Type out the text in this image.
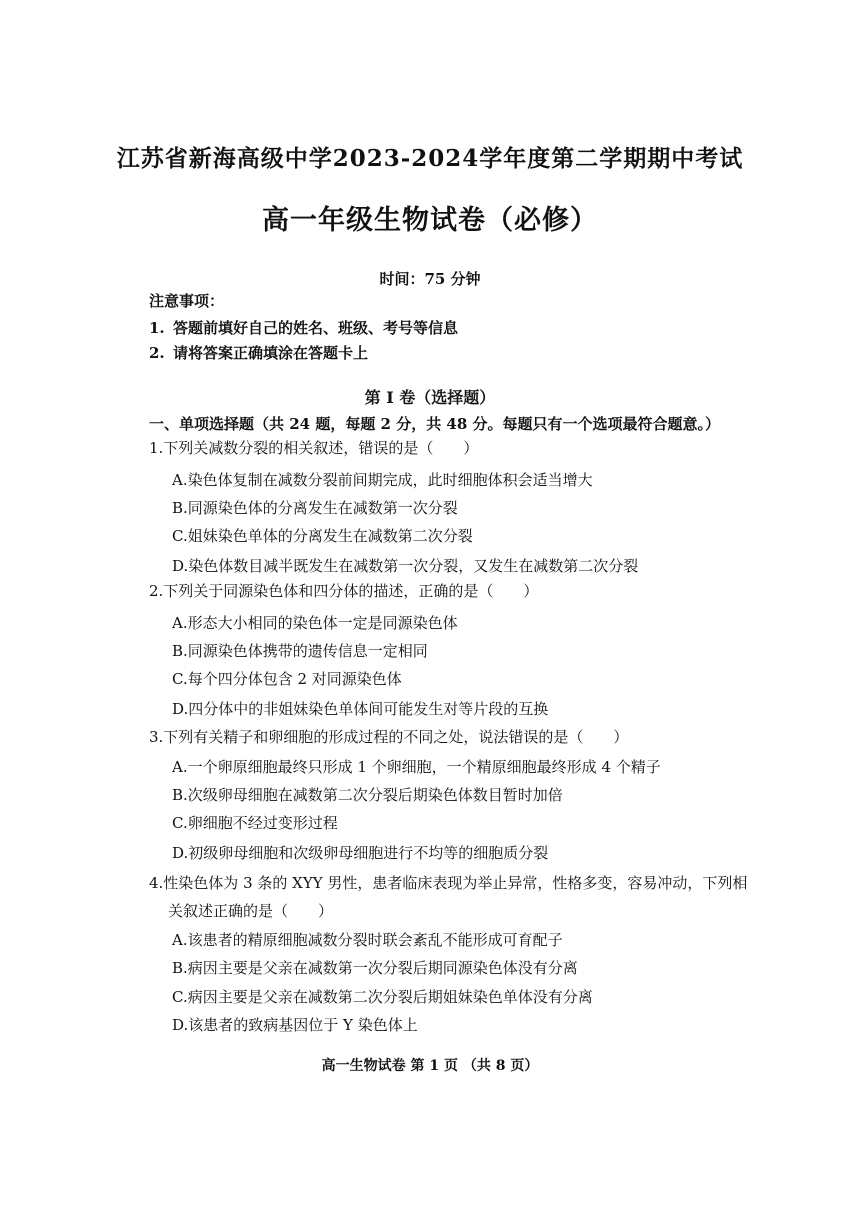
江苏省新海高级中学2023-2024学年度第二学期期中考试
高一年级生物试卷（必修）
时间：75 分钟
注意事项：
1. 答题前填好自己的姓名、班级、考号等信息
2. 请将答案正确填涂在答题卡上
第 I 卷（选择题）
一、单项选择题（共 24 题，每题 2 分，共 48 分。每题只有一个选项最符合题意。）
1.下列关减数分裂的相关叙述，错误的是（　　）
A.染色体复制在减数分裂前间期完成，此时细胞体积会适当增大
B.同源染色体的分离发生在减数第一次分裂
C.姐妹染色单体的分离发生在减数第二次分裂
D.染色体数目减半既发生在减数第一次分裂，又发生在减数第二次分裂
2.下列关于同源染色体和四分体的描述，正确的是（　　）
A.形态大小相同的染色体一定是同源染色体
B.同源染色体携带的遗传信息一定相同
C.每个四分体包含 2 对同源染色体
D.四分体中的非姐妹染色单体间可能发生对等片段的互换
3.下列有关精子和卵细胞的形成过程的不同之处，说法错误的是（　　）
A.一个卵原细胞最终只形成 1 个卵细胞，一个精原细胞最终形成 4 个精子
B.次级卵母细胞在减数第二次分裂后期染色体数目暂时加倍
C.卵细胞不经过变形过程
D.初级卵母细胞和次级卵母细胞进行不均等的细胞质分裂
4.性染色体为 3 条的 XYY 男性，患者临床表现为举止异常，性格多变，容易冲动，下列相
关叙述正确的是（　　）
A.该患者的精原细胞减数分裂时联会紊乱不能形成可育配子
B.病因主要是父亲在减数第一次分裂后期同源染色体没有分离
C.病因主要是父亲在减数第二次分裂后期姐妹染色单体没有分离
D.该患者的致病基因位于 Y 染色体上
高一生物试卷 第 1 页 （共 8 页）
